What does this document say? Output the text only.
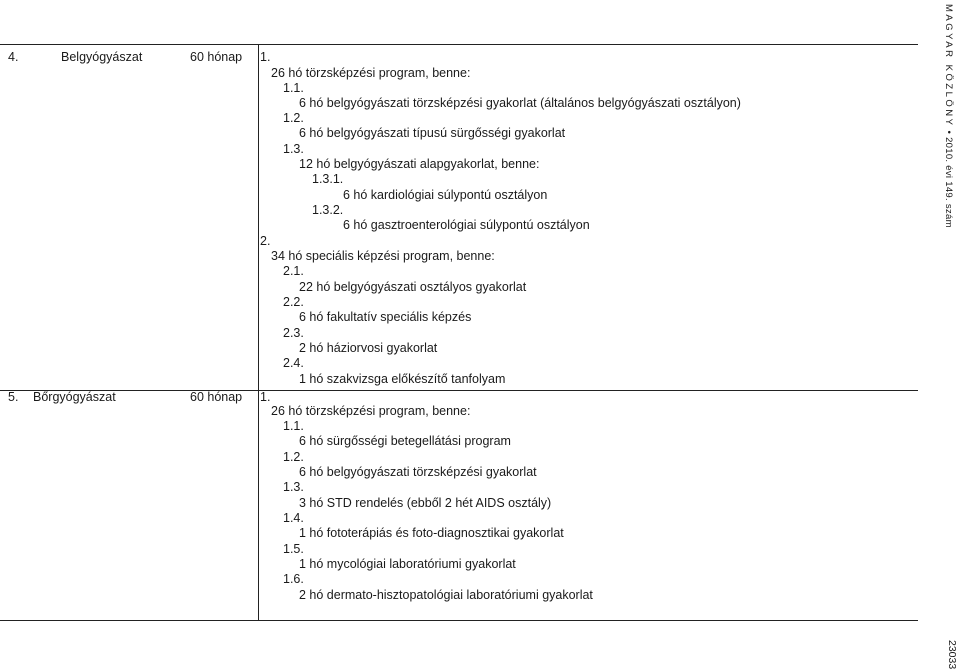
MAGYAR KÖZLÖNY • 2010. évi 149. szám
4.	Belgyógyászat	60 hónap 1.
26 hó törzsképzési program, benne:
1.1.
6 hó belgyógyászati törzsképzési gyakorlat (általános belgyógyászati osztályon)
1.2.
6 hó belgyógyászati típusú sürgősségi gyakorlat
1.3.
12 hó belgyógyászati alapgyakorlat, benne:
1.3.1.
6 hó kardiológiai súlypontú osztályon
1.3.2.
6 hó gasztroenterológiai súlypontú osztályon
2.
34 hó speciális képzési program, benne:
2.1.
22 hó belgyógyászati osztályos gyakorlat
2.2.
6 hó fakultatív speciális képzés
2.3.
2 hó háziorvosi gyakorlat
2.4.
1 hó szakvizsga előkészítő tanfolyam
5. Bőrgyógyászat	60 hónap 1.
26 hó törzsképzési program, benne:
1.1.
6 hó sürgősségi betegellátási program
1.2.
6 hó belgyógyászati törzsképzési gyakorlat
1.3.
3 hó STD rendelés (ebből 2 hét AIDS osztály)
1.4.
1 hó fototerápiás és foto-diagnosztikai gyakorlat
1.5.
1 hó mycológiai laboratóriumi gyakorlat
1.6.
2 hó dermato-hisztopatológiai laboratóriumi gyakorlat
23033
